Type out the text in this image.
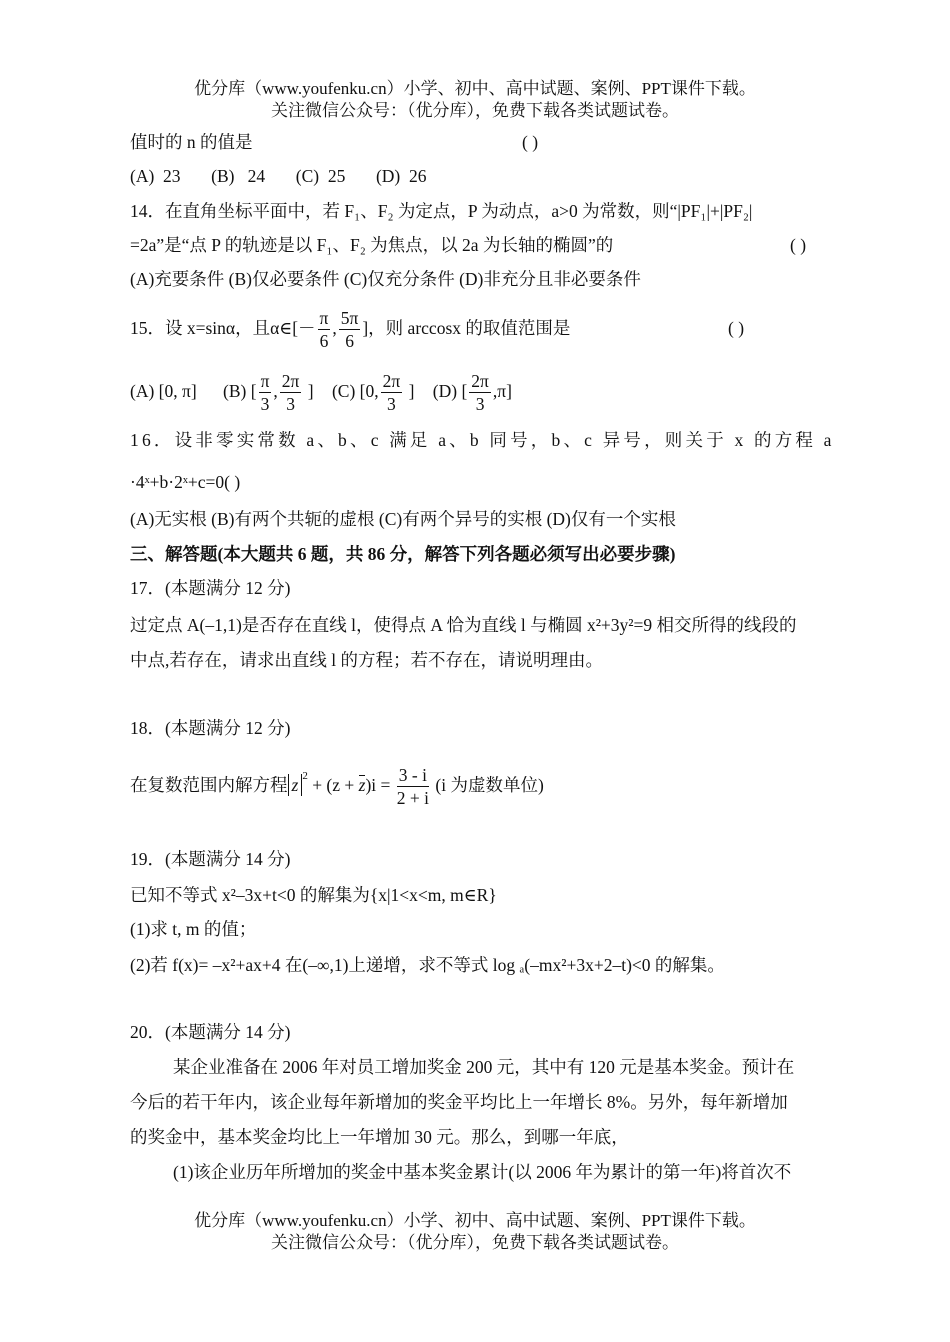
优分库（www.youfenku.cn）小学、初中、高中试题、案例、PPT课件下载。
关注微信公众号：（优分库），免费下载各类试题试卷。
值时的 n 的值是	( )
(A)  23       (B)   24       (C)  25       (D)  26
14．在直角坐标平面中，若 F₁、F₂ 为定点，P 为动点，a>0 为常数，则“|PF₁|+|PF₂|
=2a”是“点 P 的轨迹是以 F₁、F₂ 为焦点，以 2a 为长轴的椭圆”的	( )
(A)充要条件 (B)仅必要条件 (C)仅充分条件 (D)非充分且非必要条件
15．设 x=sinα，且α∈[－ $\frac{\pi}{6}$ , $\frac{5\pi}{6}$ ]，则 arccosx 的取值范围是	( )
(A) [0, π] (B) [ $\frac{\pi}{3}$ , $\frac{2\pi}{3}$ ] (C) [0, $\frac{2\pi}{3}$ ] (D) [ $\frac{2\pi}{3} ,\pi$]
16．设非零实常数 a、b、c 满足 a、b 同号，b、c 异号，则关于 x 的方程 a
·4ˣ+b·2ˣ+c=0( )
(A)无实根 (B)有两个共轭的虚根 (C)有两个异号的实根 (D)仅有一个实根
三、解答题(本大题共 6 题，共 86 分，解答下列各题必须写出必要步骤)
17．(本题满分 12 分)
过定点 A(–1,1)是否存在直线 l，使得点 A 恰为直线 l 与椭圆 x²+3y²=9 相交所得的线段的
中点,若存在，请求出直线 l 的方程；若不存在，请说明理由。
18．(本题满分 12 分)
在复数范围内解方程 z $^2 + (z + z)i = \frac{3 - i}{2 + i} (i$ 为虚数单位)
19．(本题满分 14 分)
已知不等式 x²–3x+t<0 的解集为{x|1<x<m, m∈R}
(1)求 t, m 的值；
(2)若 f(x)= –x²+ax+4 在(–∞,1)上递增，求不等式 log ₐ(–mx²+3x+2–t)<0 的解集。
20．(本题满分 14 分)
某企业准备在 2006 年对员工增加奖金 200 元，其中有 120 元是基本奖金。预计在
今后的若干年内，该企业每年新增加的奖金平均比上一年增长 8%。另外，每年新增加
的奖金中，基本奖金均比上一年增加 30 元。那么，到哪一年底，
(1)该企业历年所增加的奖金中基本奖金累计(以 2006 年为累计的第一年)将首次不
优分库（www.youfenku.cn）小学、初中、高中试题、案例、PPT课件下载。
关注微信公众号：（优分库），免费下载各类试题试卷。
